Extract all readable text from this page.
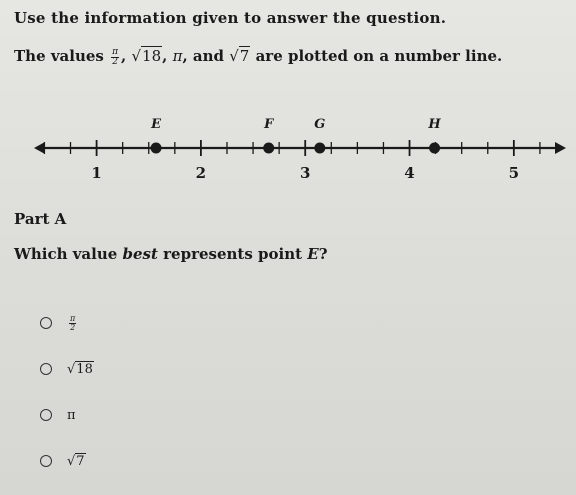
Use the information given to answer the question.
The values $\frac{\pi}{2}$ , √18, π, and √7 are plotted on a number line.
1	2	3	4	5
E	F	G	H
Part A
Which value best represents point E?
$\frac{\pi}{2}$
√18
π
√7
